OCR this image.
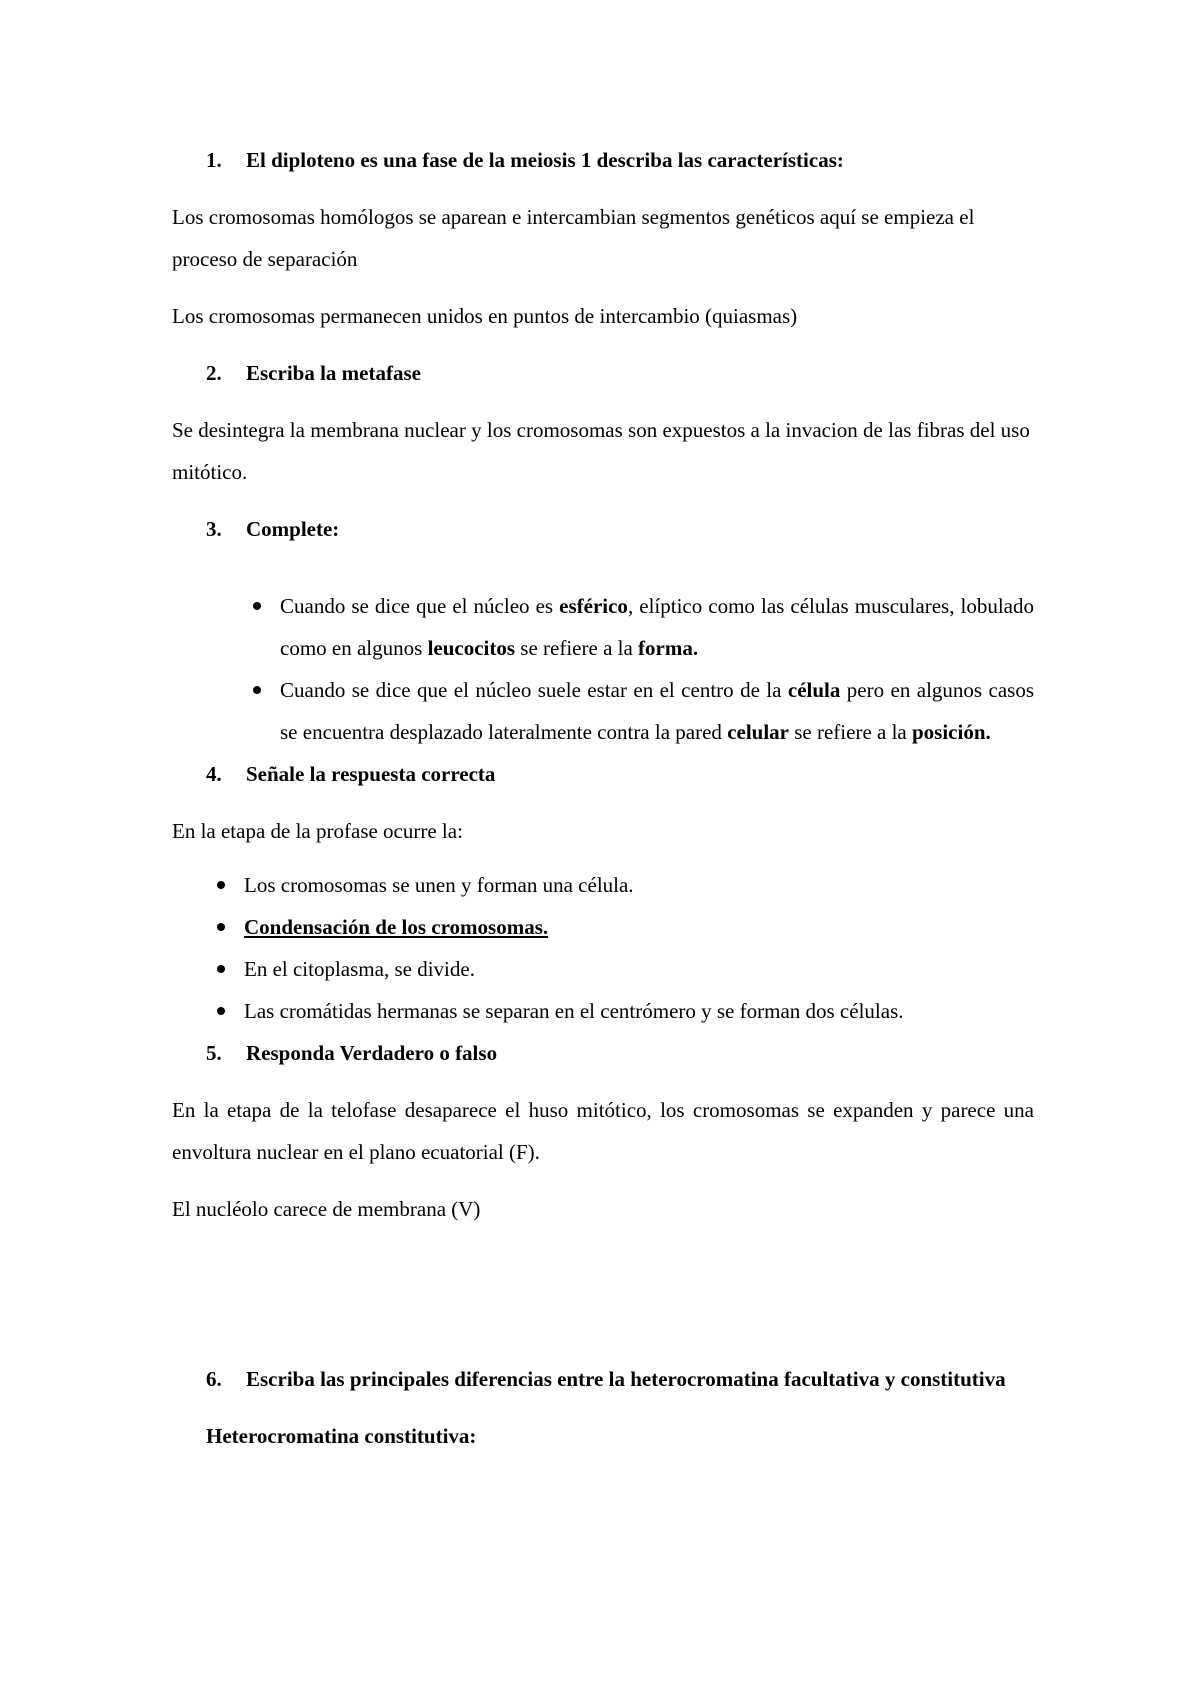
1.	El diploteno es una fase de la meiosis 1 describa las características:

Los cromosomas homólogos se aparean e intercambian segmentos genéticos aquí se empieza el proceso de separación

Los cromosomas permanecen unidos en puntos de intercambio (quiasmas)

2.	Escriba la metafase

Se desintegra la membrana nuclear y los cromosomas son expuestos a la invacion de las fibras del uso mitótico.

3.	Complete:
Cuando se dice que el núcleo es esférico, elíptico como las células musculares, lobulado como en algunos leucocitos se refiere a la forma.
Cuando se dice que el núcleo suele estar en el centro de la célula pero en algunos casos se encuentra desplazado lateralmente contra la pared celular se refiere a la posición.
4.	Señale la respuesta correcta

En la etapa de la profase ocurre la:

Los cromosomas se unen y forman una célula.
Condensación de los cromosomas.
En el citoplasma, se divide.
Las cromátidas hermanas se separan en el centrómero y se forman dos células.
5.	Responda Verdadero o falso

En la etapa de la telofase desaparece el huso mitótico, los cromosomas se expanden y parece una envoltura nuclear en el plano ecuatorial (F).

El nucléolo carece de membrana (V)

6.	Escriba las principales diferencias entre la heterocromatina facultativa y constitutiva

Heterocromatina constitutiva:
